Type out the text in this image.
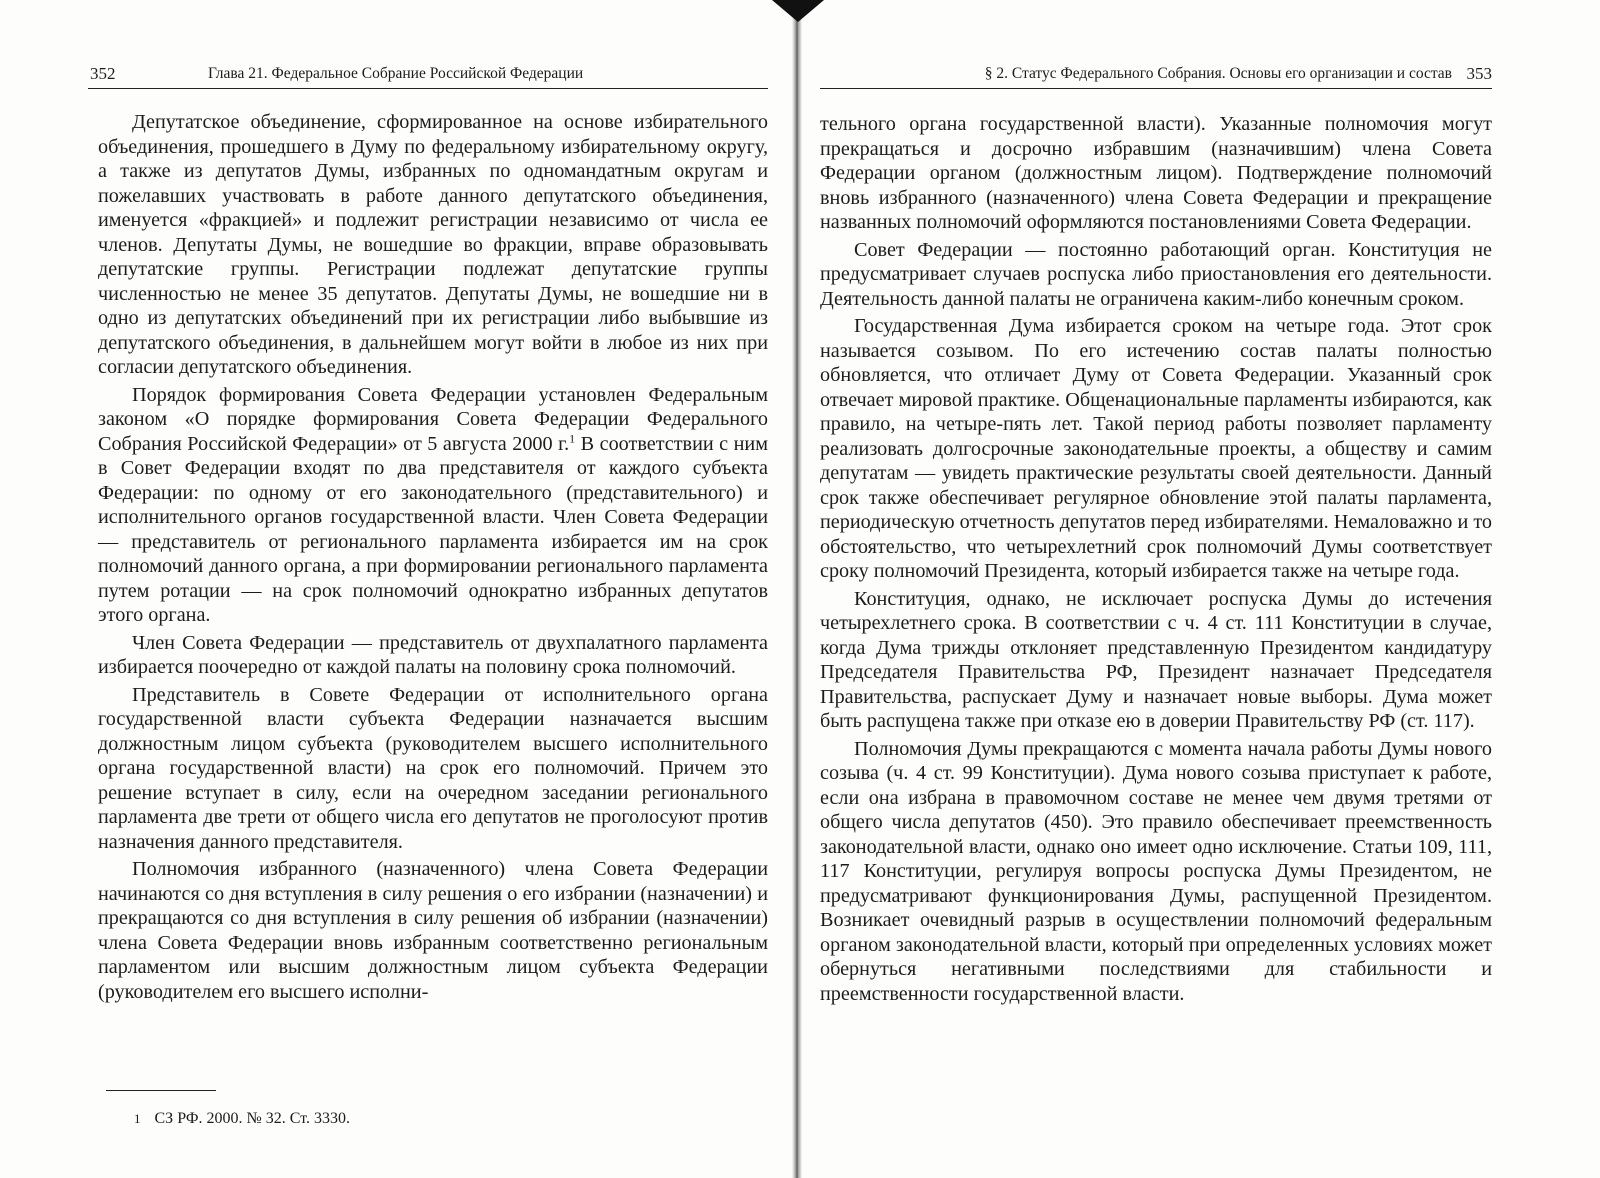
352	Глава 21. Федеральное Собрание Российской Федерации

Депутатское объединение, сформированное на основе избирательного объединения, прошедшего в Думу по федеральному избирательному округу, а также из депутатов Думы, избранных по одномандатным округам и пожелавших участвовать в работе данного депутатского объединения, именуется «фракцией» и подлежит регистрации независимо от числа ее членов. Депутаты Думы, не вошедшие во фракции, вправе образовывать депутатские группы. Регистрации подлежат депутатские группы численностью не менее 35 депутатов. Депутаты Думы, не вошедшие ни в одно из депутатских объединений при их регистрации либо выбывшие из депутатского объединения, в дальнейшем могут войти в любое из них при согласии депутатского объединения.

Порядок формирования Совета Федерации установлен Федеральным законом «О порядке формирования Совета Федерации Федерального Собрания Российской Федерации» от 5 августа 2000 г.$^1$ В соответствии с ним в Совет Федерации входят по два представителя от каждого субъекта Федерации: по одному от его законодательного (представительного) и исполнительного органов государственной власти. Член Совета Федерации — представитель от регионального парламента избирается им на срок полномочий данного органа, а при формировании регионального парламента путем ротации — на срок полномочий однократно избранных депутатов этого органа.

Член Совета Федерации — представитель от двухпалатного парламента избирается поочередно от каждой палаты на половину срока полномочий.

Представитель в Совете Федерации от исполнительного органа государственной власти субъекта Федерации назначается высшим должностным лицом субъекта (руководителем высшего исполнительного органа государственной власти) на срок его полномочий. Причем это решение вступает в силу, если на очередном заседании регионального парламента две трети от общего числа его депутатов не проголосуют против назначения данного представителя.

Полномочия избранного (назначенного) члена Совета Федерации начинаются со дня вступления в силу решения о его избрании (назначении) и прекращаются со дня вступления в силу решения об избрании (назначении) члена Совета Федерации вновь избранным соответственно региональным парламентом или высшим должностным лицом субъекта Федерации (руководителем его высшего исполни-

1 СЗ РФ. 2000. № 32. Ст. 3330.
§ 2. Статус Федерального Собрания. Основы его организации и состав 353

тельного органа государственной власти). Указанные полномочия могут прекращаться и досрочно избравшим (назначившим) члена Совета Федерации органом (должностным лицом). Подтверждение полномочий вновь избранного (назначенного) члена Совета Федерации и прекращение названных полномочий оформляются постановлениями Совета Федерации.

Совет Федерации — постоянно работающий орган. Конституция не предусматривает случаев роспуска либо приостановления его деятельности. Деятельность данной палаты не ограничена каким-либо конечным сроком.

Государственная Дума избирается сроком на четыре года. Этот срок называется созывом. По его истечению состав палаты полностью обновляется, что отличает Думу от Совета Федерации. Указанный срок отвечает мировой практике. Общенациональные парламенты избираются, как правило, на четыре-пять лет. Такой период работы позволяет парламенту реализовать долгосрочные законодательные проекты, а обществу и самим депутатам — увидеть практические результаты своей деятельности. Данный срок также обеспечивает регулярное обновление этой палаты парламента, периодическую отчетность депутатов перед избирателями. Немаловажно и то обстоятельство, что четырехлетний срок полномочий Думы соответствует сроку полномочий Президента, который избирается также на четыре года.

Конституция, однако, не исключает роспуска Думы до истечения четырехлетнего срока. В соответствии с ч. 4 ст. 111 Конституции в случае, когда Дума трижды отклоняет представленную Президентом кандидатуру Председателя Правительства РФ, Президент назначает Председателя Правительства, распускает Думу и назначает новые выборы. Дума может быть распущена также при отказе ею в доверии Правительству РФ (ст. 117).

Полномочия Думы прекращаются с момента начала работы Думы нового созыва (ч. 4 ст. 99 Конституции). Дума нового созыва приступает к работе, если она избрана в правомочном составе не менее чем двумя третями от общего числа депутатов (450). Это правило обеспечивает преемственность законодательной власти, однако оно имеет одно исключение. Статьи 109, 111, 117 Конституции, регулируя вопросы роспуска Думы Президентом, не предусматривают функционирования Думы, распущенной Президентом. Возникает очевидный разрыв в осуществлении полномочий федеральным органом законодательной власти, который при определенных условиях может обернуться негативными последствиями для стабильности и преемственности государственной власти.
